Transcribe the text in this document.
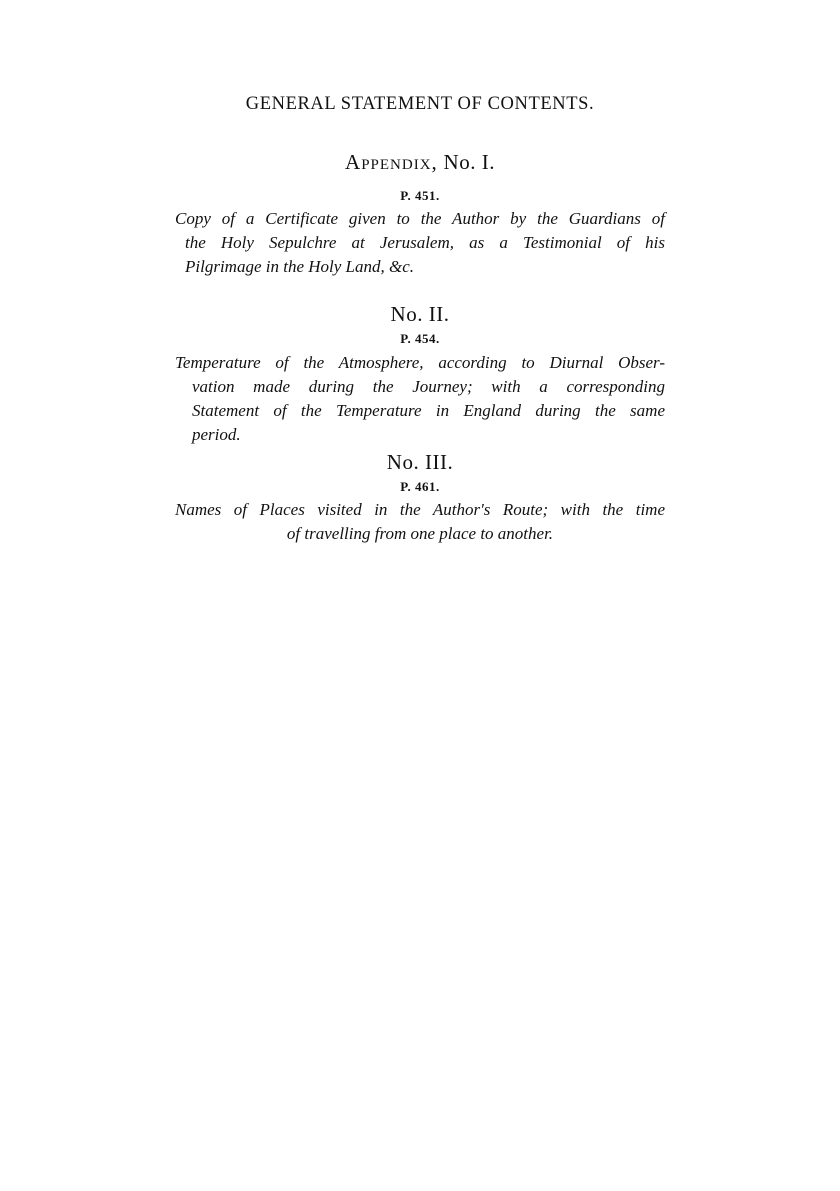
GENERAL STATEMENT OF CONTENTS.
Appendix, No. I.
P. 451.
Copy of a Certificate given to the Author by the Guardians of
the Holy Sepulchre at Jerusalem, as a Testimonial of his
Pilgrimage in the Holy Land, &c.
No. II.
P. 454.
Temperature of the Atmosphere, according to Diurnal Obser-
vation made during the Journey; with a corresponding
Statement of the Temperature in England during the same
period.
No. III.
P. 461.
Names of Places visited in the Author's Route; with the time
of travelling from one place to another.
